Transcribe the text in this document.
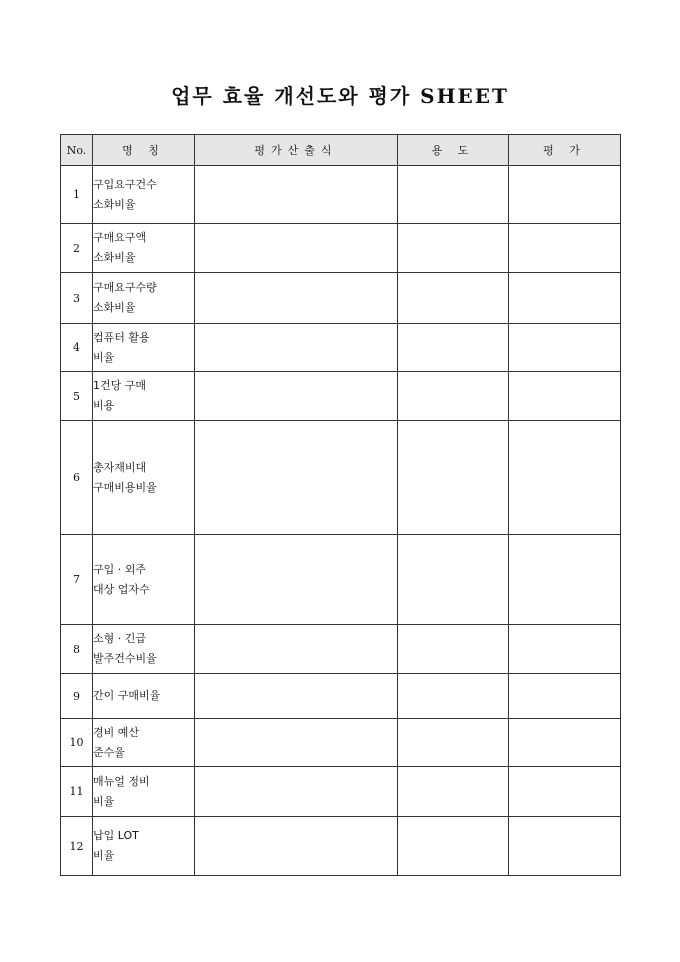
업무 효율 개선도와 평가 SHEET
No.	명 칭	평가산출식	용 도	평 가
1	구입요구건수
소화비율			

2	구매요구액
소화비율			

3	구매요구수량
소화비율			

4	컴퓨터 활용
비율			

5	1건당 구매
비용			

6	총자재비대
구매비용비율			

7	구입 · 외주
대상 업자수			

8	소형 · 긴급
발주건수비율			

9	간이 구매비율			

10	경비 예산
준수율			

11	매뉴얼 정비
비율			

12	납입 LOT
비율			
